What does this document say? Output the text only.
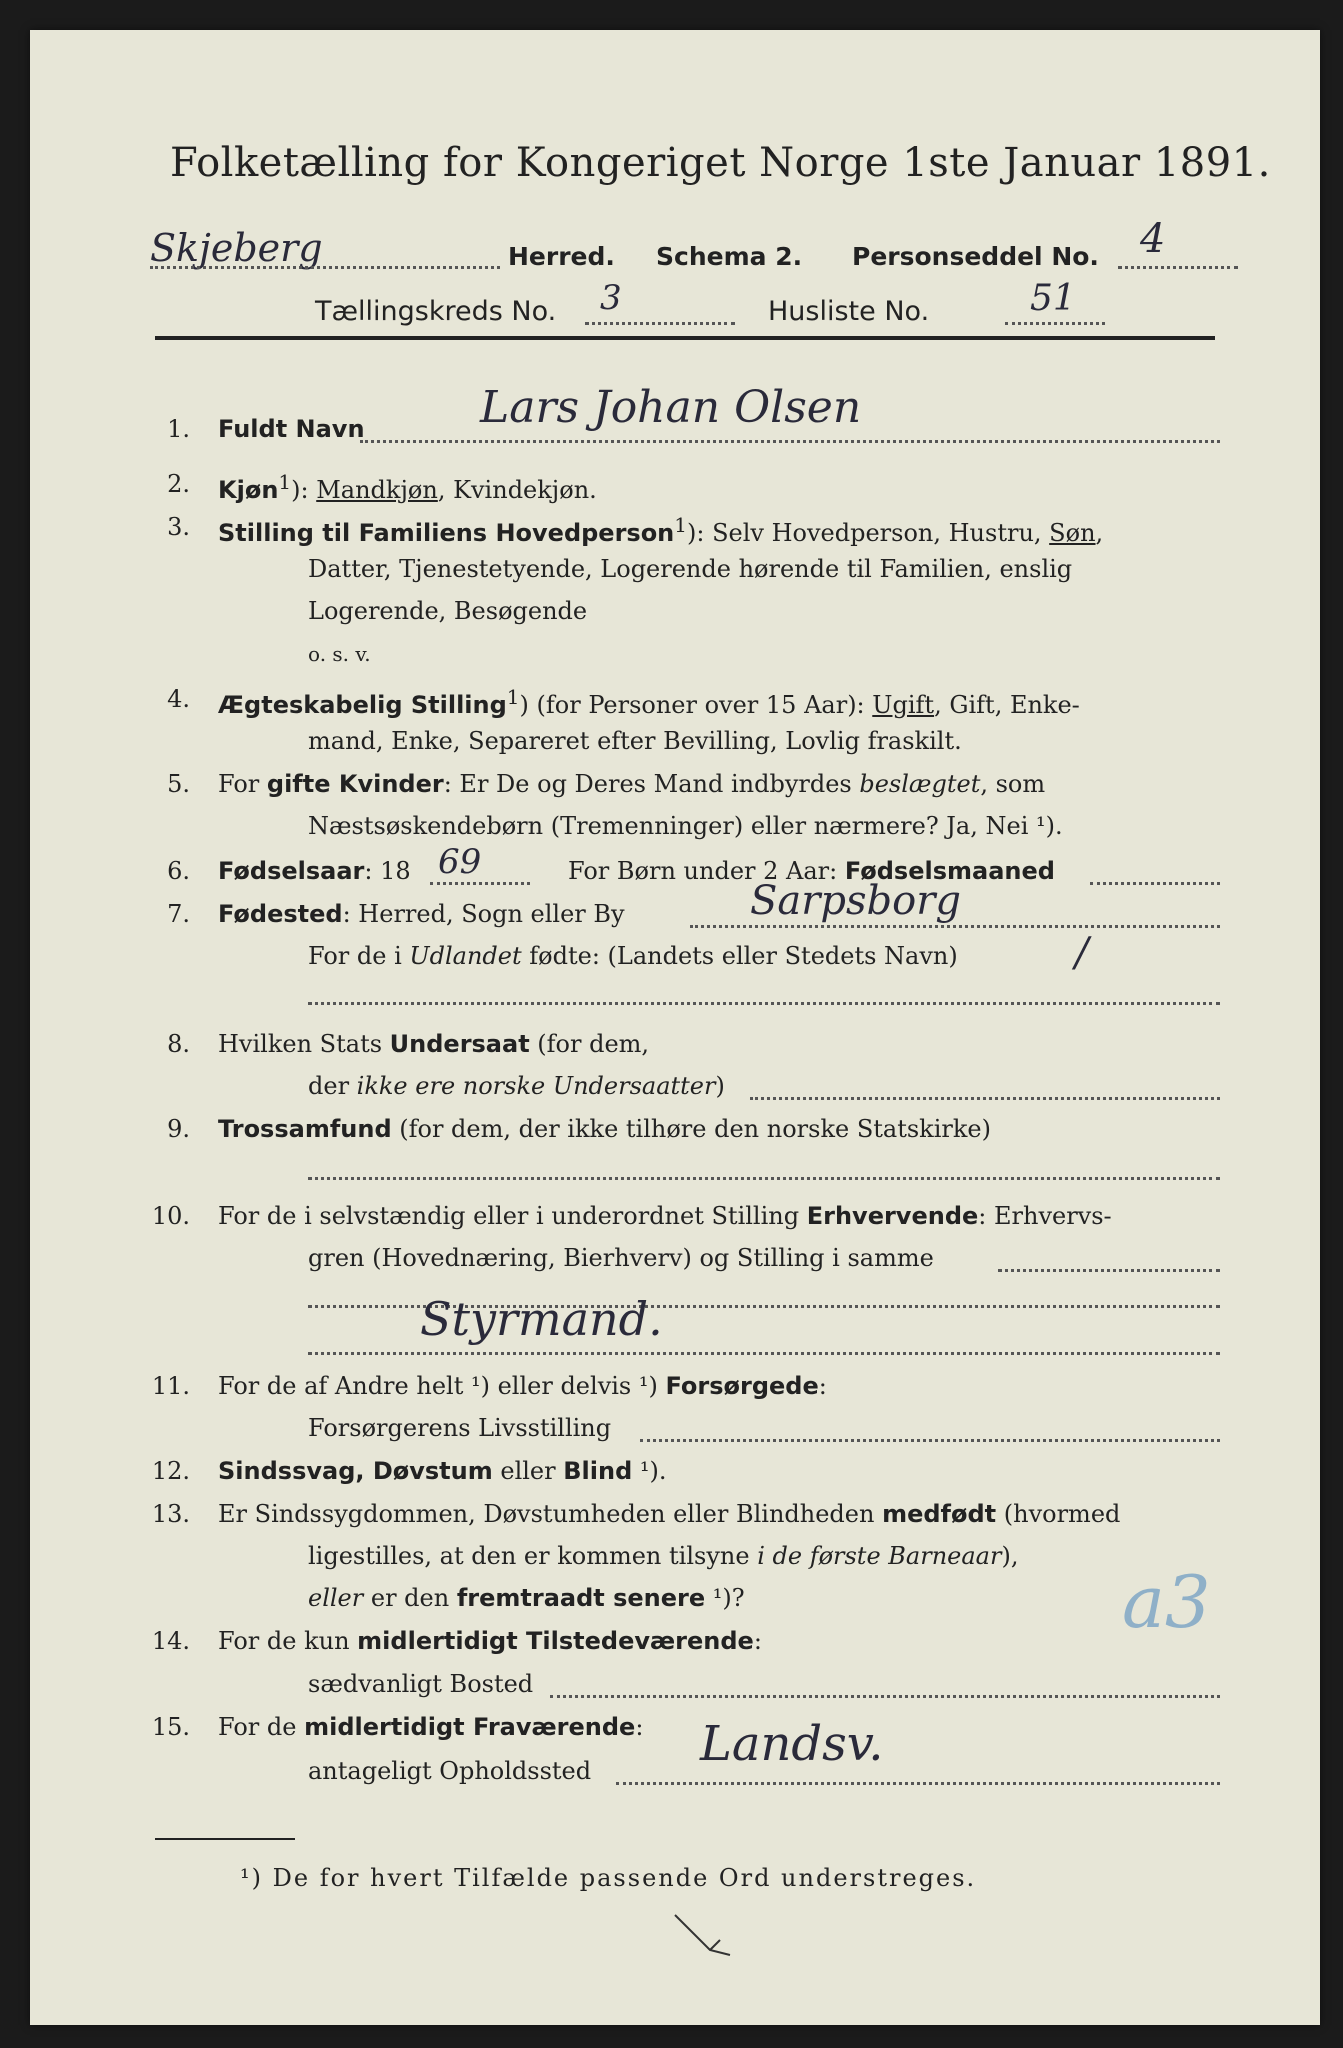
Folketælling for Kongeriget Norge 1ste Januar 1891.
Skjeberg	Herred. Schema 2. Personseddel No. 4
Tællingskreds No. 3	Husliste No.	51
1. Fuldt Navn	Lars Johan Olsen
2. Kjøn$^1$): Mandkjøn, Kvindekjøn.
3. Stilling til Familiens Hovedperson$^1$): Selv Hovedperson, Hustru, Søn,
Datter, Tjenestetyende, Logerende hørende til Familien, enslig
Logerende, Besøgende
o. s. v.
4. Ægteskabelig Stilling$^1$) (for Personer over 15 Aar): Ugift, Gift, Enke-
mand, Enke, Separeret efter Bevilling, Lovlig fraskilt.
5. For gifte Kvinder: Er De og Deres Mand indbyrdes beslægtet, som
Næstsøskendebørn (Tremenninger) eller nærmere? Ja, Nei ¹).
6. Fødselsaar: 18 69	For Børn under 2 Aar: Fødselsmaaned
7. Fødested: Herred, Sogn eller By	Sarpsborg
For de i Udlandet fødte: (Landets eller Stedets Navn)	/
8. Hvilken Stats Undersaat (for dem,
der ikke ere norske Undersaatter)
9. Trossamfund (for dem, der ikke tilhøre den norske Statskirke)
10. For de i selvstændig eller i underordnet Stilling Erhvervende: Erhvervs-
gren (Hovednæring, Bierhverv) og Stilling i samme
Styrmand.
11. For de af Andre helt ¹) eller delvis ¹) Forsørgede:
Forsørgerens Livsstilling
12. Sindssvag, Døvstum eller Blind ¹).
13. Er Sindssygdommen, Døvstumheden eller Blindheden medfødt (hvormed
ligestilles, at den er kommen tilsyne i de første Barneaar),
eller er den fremtraadt senere ¹)?	a3
14. For de kun midlertidigt Tilstedeværende:
sædvanligt Bosted
15. For de midlertidigt Fraværende:
antageligt Opholdssted Landsv.
¹) De for hvert Tilfælde passende Ord understreges.
